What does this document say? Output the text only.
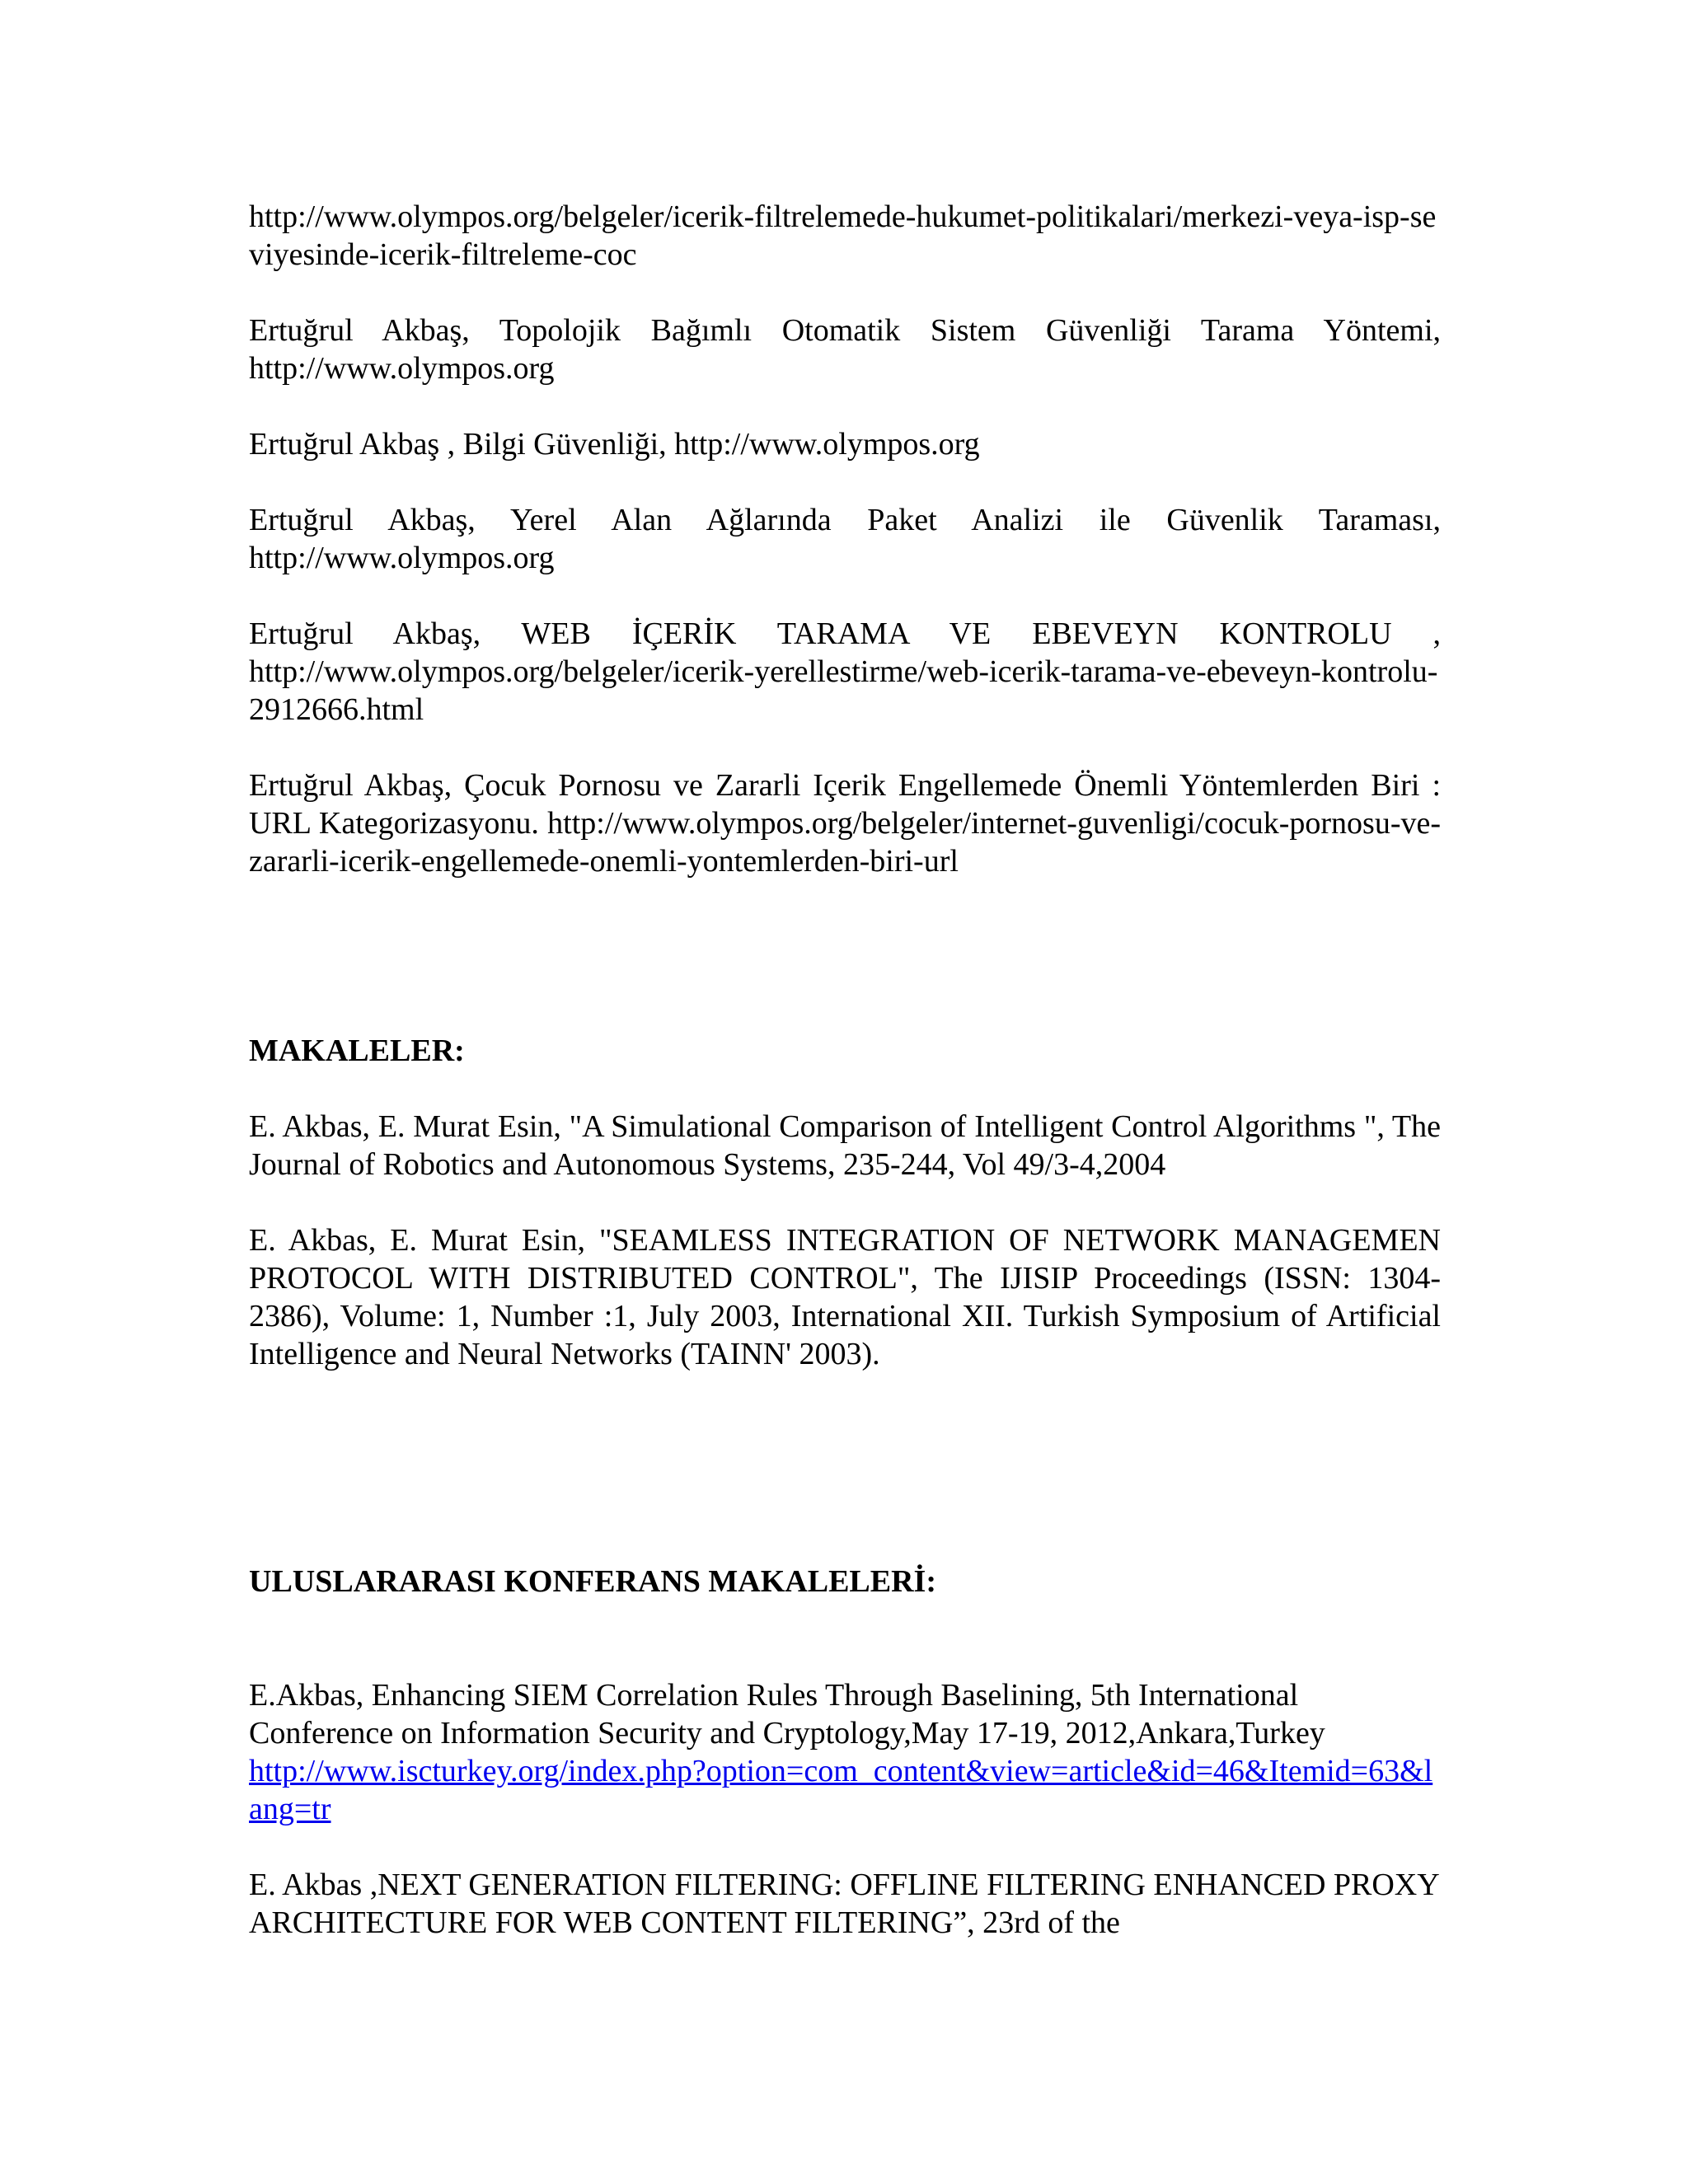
http://www.olympos.org/belgeler/icerik-filtrelemede-hukumet-politikalari/merkezi-veya-isp-seviyesinde-icerik-filtreleme-coc

Ertuğrul Akbaş, Topolojik Bağımlı Otomatik Sistem Güvenliği Tarama Yöntemi, http://www.olympos.org

Ertuğrul Akbaş , Bilgi Güvenliği, http://www.olympos.org

Ertuğrul Akbaş, Yerel Alan Ağlarında Paket Analizi ile Güvenlik Taraması, http://www.olympos.org

Ertuğrul Akbaş, WEB İÇERİK TARAMA VE EBEVEYN KONTROLU , http://www.olympos.org/belgeler/icerik-yerellestirme/web-icerik-tarama-ve-ebeveyn-kontrolu-2912666.html

Ertuğrul Akbaş, Çocuk Pornosu ve Zararli Içerik Engellemede Önemli Yöntemlerden Biri : URL Kategorizasyonu. http://www.olympos.org/belgeler/internet-guvenligi/cocuk-pornosu-ve-zararli-icerik-engellemede-onemli-yontemlerden-biri-url

MAKALELER:

E. Akbas, E. Murat Esin, "A Simulational Comparison of Intelligent Control Algorithms ", The Journal of Robotics and Autonomous Systems, 235-244, Vol 49/3-4,2004

E. Akbas, E. Murat Esin, "SEAMLESS INTEGRATION OF NETWORK MANAGEMEN PROTOCOL WITH DISTRIBUTED CONTROL", The IJISIP Proceedings (ISSN: 1304-2386), Volume: 1, Number :1, July 2003, International XII. Turkish Symposium of Artificial Intelligence and Neural Networks (TAINN' 2003).

ULUSLARARASI KONFERANS MAKALELERİ:

E.Akbas, Enhancing SIEM Correlation Rules Through Baselining, 5th International Conference on Information Security and Cryptology,May 17-19, 2012,Ankara,Turkey
http://www.iscturkey.org/index.php?option=com_content&view=article&id=46&Itemid=63&lang=tr

E. Akbas ,NEXT GENERATION FILTERING: OFFLINE FILTERING ENHANCED PROXY ARCHITECTURE FOR WEB CONTENT FILTERING”, 23rd of the
